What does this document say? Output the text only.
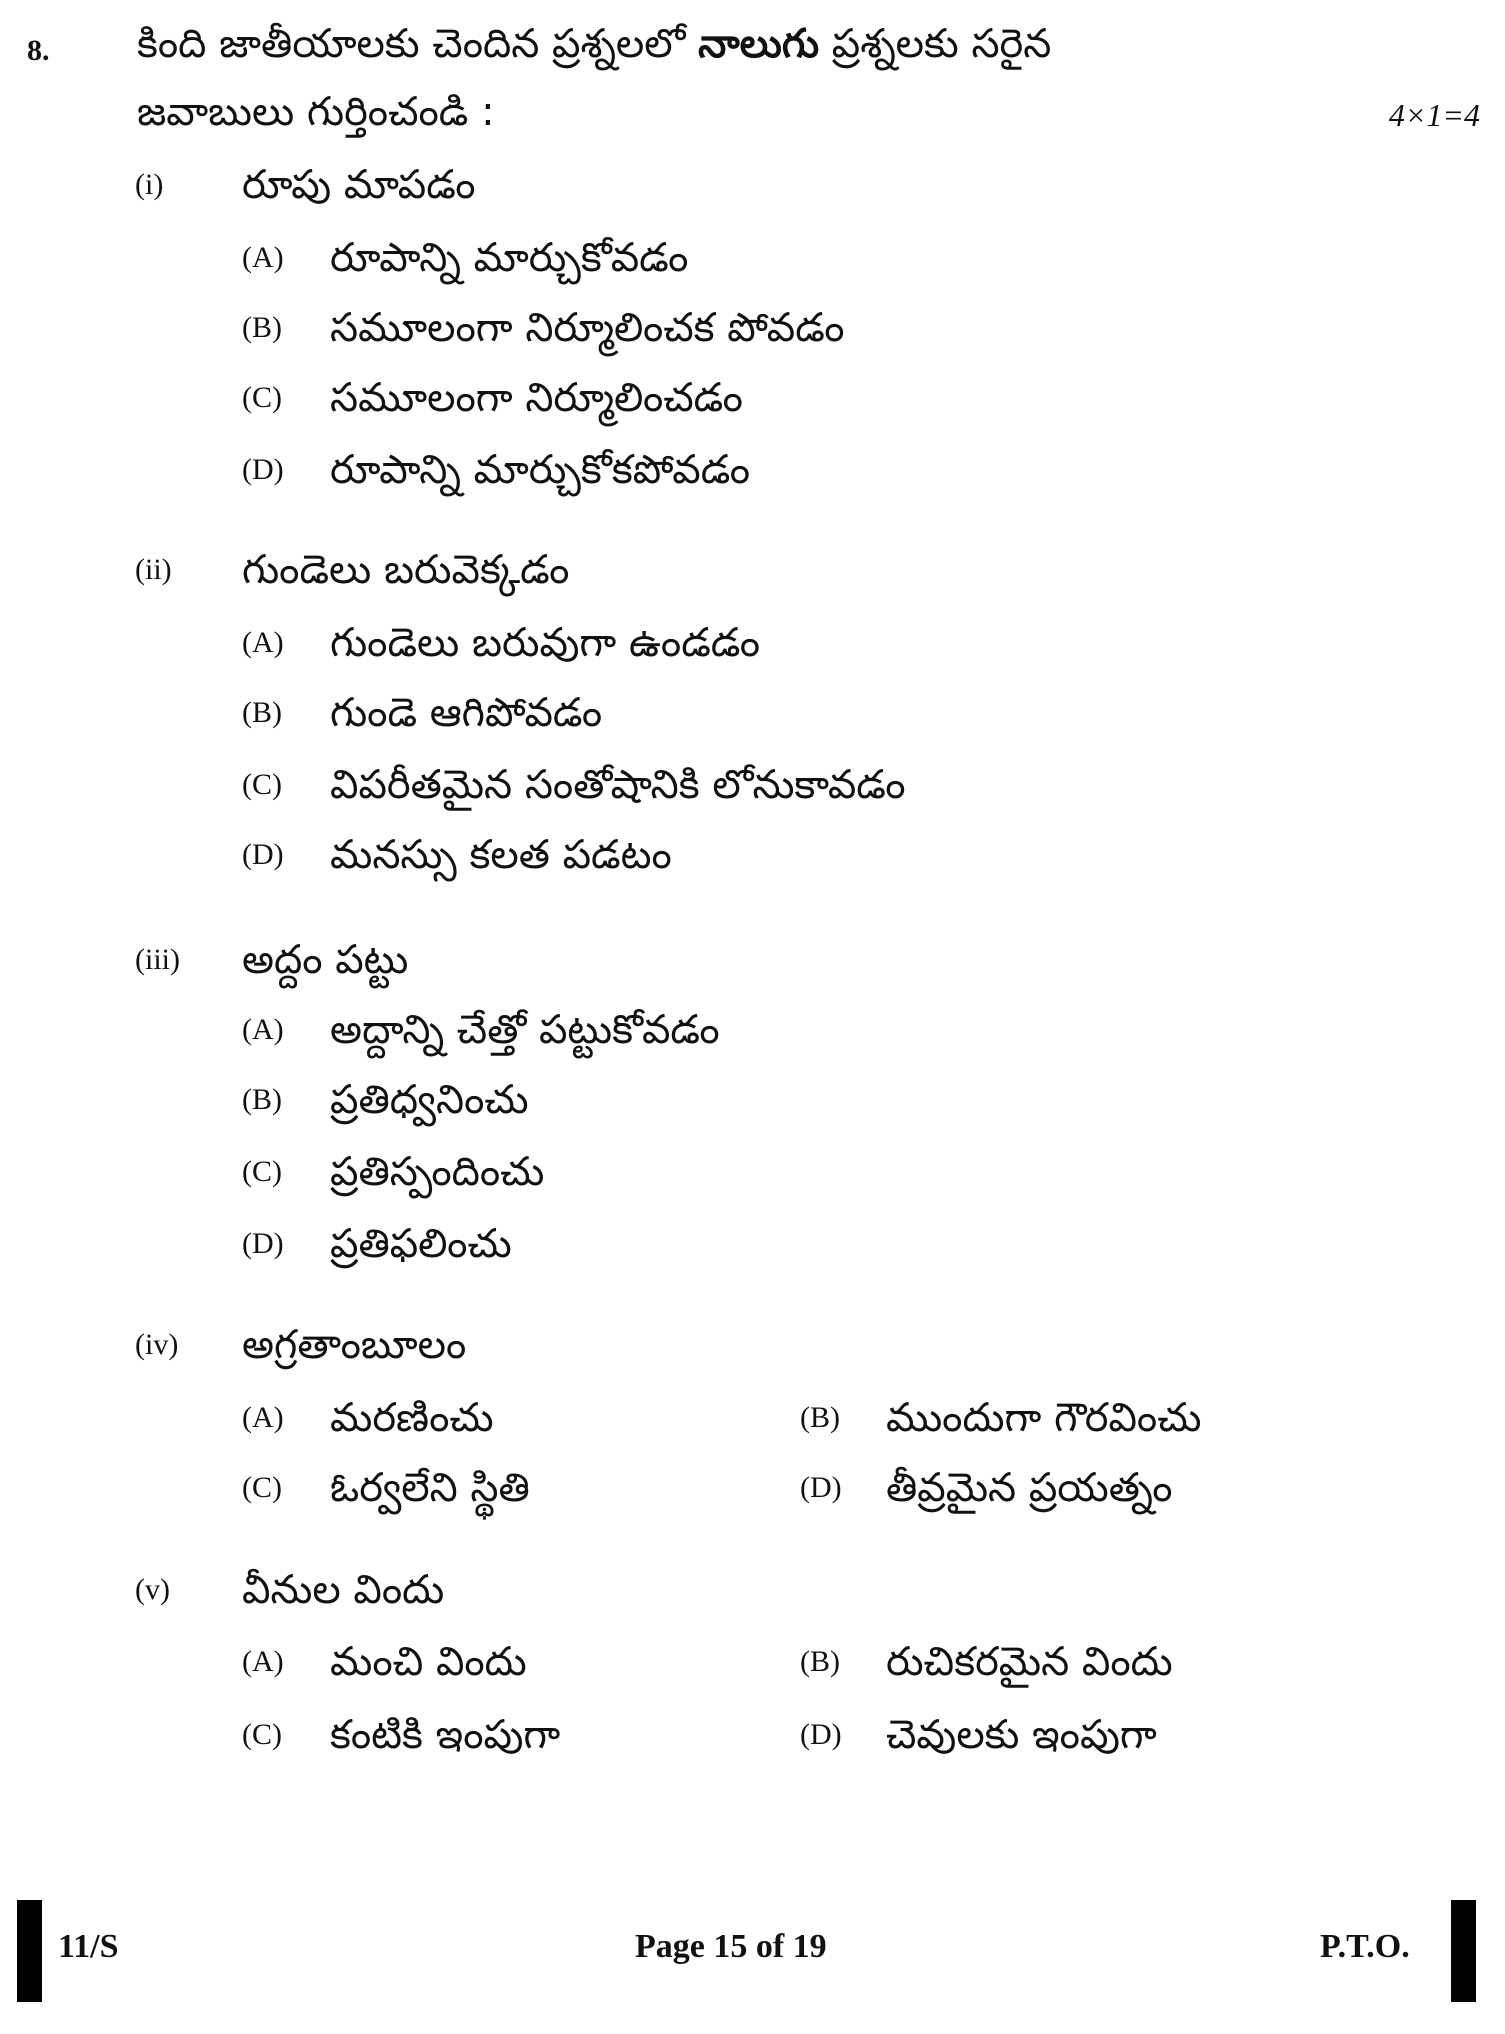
8. కింది జాతీయాలకు చెందిన ప్రశ్నలలో నాలుగు ప్రశ్నలకు సరైన
జవాబులు గుర్తించండి :	4×1=4
(i)	రూపు మాపడం
(A)	రూపాన్ని మార్చుకోవడం
(B)	సమూలంగా నిర్మూలించక పోవడం
(C)	సమూలంగా నిర్మూలించడం
(D)	రూపాన్ని మార్చుకోకపోవడం
(ii)	గుండెలు బరువెక్కడం
(A)	గుండెలు బరువుగా ఉండడం
(B)	గుండె ఆగిపోవడం
(C)	విపరీతమైన సంతోషానికి లోనుకావడం
(D)	మనస్సు కలత పడటం
(iii)	అద్దం పట్టు
(A)	అద్దాన్ని చేత్తో పట్టుకోవడం
(B)	ప్రతిధ్వనించు
(C)	ప్రతిస్పందించు
(D)	ప్రతిఫలించు
(iv)	అగ్రతాంబూలం
(A)	మరణించు	(B)	ముందుగా గౌరవించు
(C)	ఓర్వలేని స్థితి	(D)	తీవ్రమైన ప్రయత్నం
(v)	వీనుల విందు
(A)	మంచి విందు	(B)	రుచికరమైన విందు
(C)	కంటికి ఇంపుగా	(D)	చెవులకు ఇంపుగా
11/S	Page 15 of 19	P.T.O.
